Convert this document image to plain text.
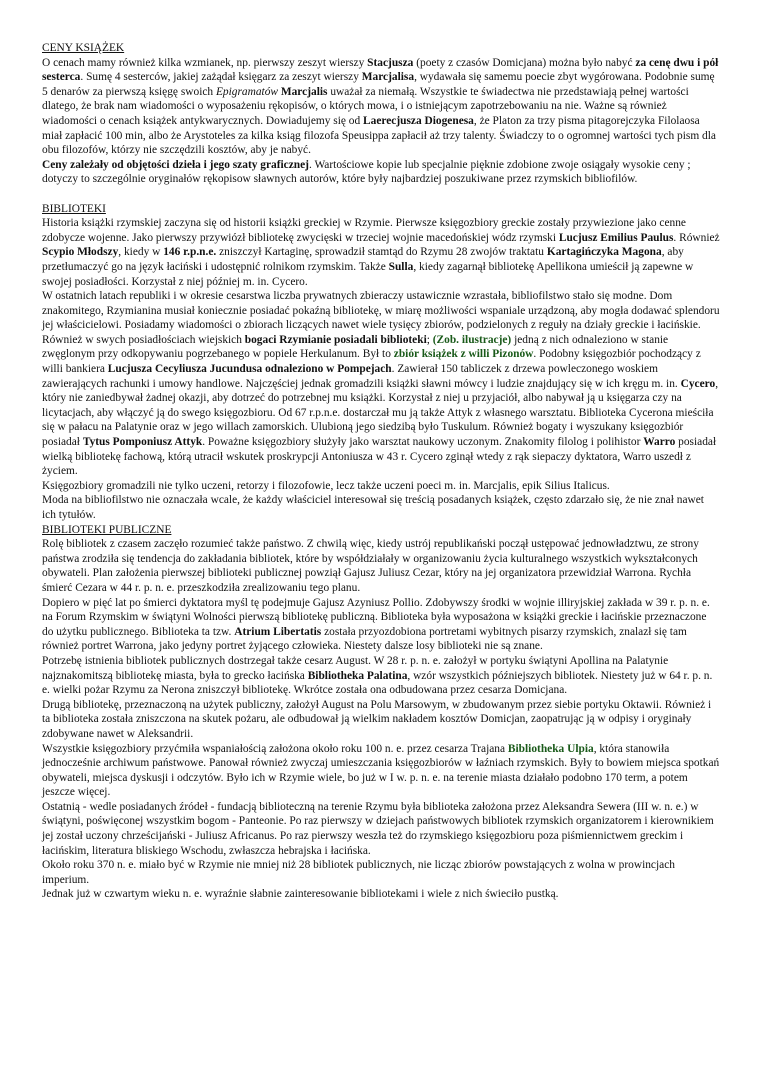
CENY KSIĄŻEK

O cenach mamy również kilka wzmianek, np. pierwszy zeszyt wierszy Stacjusza (poety z czasów Domicjana) można było nabyć za cenę dwu i pół sesterca. Sumę 4 sesterców, jakiej zażądał księgarz za zeszyt wierszy Marcjalisa, wydawała się samemu poecie zbyt wygórowana. Podobnie sumę 5 denarów za pierwszą księgę swoich Epigramatów Marcjalis uważał za niemałą. Wszystkie te świadectwa nie przedstawiają pełnej wartości dlatego, że brak nam wiadomości o wyposażeniu rękopisów, o których mowa, i o istniejącym zapotrzebowaniu na nie. Ważne są również wiadomości o cenach książek antykwarycznych. Dowiadujemy się od Laerecjusza Diogenesa, że Platon za trzy pisma pitagorejczyka Filolaosa miał zapłacić 100 min, albo że Arystoteles za kilka ksiąg filozofa Speusippa zapłacił aż trzy talenty. Świadczy to o ogromnej wartości tych pism dla obu filozofów, którzy nie szczędzili kosztów, aby je nabyć.

Ceny zależały od objętości dzieła i jego szaty graficznej. Wartościowe kopie lub specjalnie pięknie zdobione zwoje osiągały wysokie ceny ; dotyczy to szczególnie oryginałów rękopisow sławnych autorów, które były najbardziej poszukiwane przez rzymskich bibliofilów.

BIBLIOTEKI

Historia książki rzymskiej zaczyna się od historii książki greckiej w Rzymie. Pierwsze księgozbiory greckie zostały przywiezione jako cenne zdobycze wojenne. Jako pierwszy przywiózł bibliotekę zwycięski w trzeciej wojnie macedońskiej wódz rzymski Lucjusz Emilius Paulus. Również Scypio Młodszy, kiedy w 146 r.p.n.e. zniszczył Kartaginę, sprowadził stamtąd do Rzymu 28 zwojów traktatu Kartagińczyka Magona, aby przetłumaczyć go na język łaciński i udostępnić rolnikom rzymskim. Także Sulla, kiedy zagarnął bibliotekę Apellikona umieścił ją zapewne w swojej posiadłości. Korzystał z niej później m. in. Cycero.

W ostatnich latach republiki i w okresie cesarstwa liczba prywatnych zbieraczy ustawicznie wzrastała, bibliofilstwo stało się modne. Dom znakomitego, Rzymianina musiał koniecznie posiadać pokaźną bibliotekę, w miarę możliwości wspaniale urządzoną, aby mogła dodawać splendoru jej właścicielowi. Posiadamy wiadomości o zbiorach liczących nawet wiele tysięcy zbiorów, podzielonych z reguły na działy greckie i łacińskie.

Również w swych posiadłościach wiejskich bogaci Rzymianie posiadali biblioteki; (Zob. ilustracje) jedną z nich odnaleziono w stanie zwęglonym przy odkopywaniu pogrzebanego w popiele Herkulanum. Był to zbiór książek z willi Pizonów. Podobny księgozbiór pochodzący z willi bankiera Lucjusza Cecyliusza Jucundusa odnaleziono w Pompejach. Zawierał 150 tabliczek z drzewa powleczonego woskiem zawierających rachunki i umowy handlowe. Najczęściej jednak gromadzili książki sławni mówcy i ludzie znajdujący się w ich kręgu m. in. Cycero, który nie zaniedbywał żadnej okazji, aby dotrzeć do potrzebnej mu książki. Korzystał z niej u przyjaciół, albo nabywał ją u księgarza czy na licytacjach, aby włączyć ją do swego księgozbioru. Od 67 r.p.n.e. dostarczał mu ją także Attyk z własnego warsztatu. Biblioteka Cycerona mieściła się w pałacu na Palatynie oraz w jego willach zamorskich. Ulubioną jego siedzibą było Tuskulum. Również bogaty i wyszukany księgozbiór posiadał Tytus Pomponiusz Attyk. Poważne księgozbiory służyły jako warsztat naukowy uczonym. Znakomity filolog i polihistor Warro posiadał wielką bibliotekę fachową, którą utracił wskutek proskrypcji Antoniusza w 43 r. Cycero zginął wtedy z rąk siepaczy dyktatora, Warro uszedł z życiem.

Księgozbiory gromadzili nie tylko uczeni, retorzy i filozofowie, lecz także uczeni poeci m. in. Marcjalis, epik Silius Italicus.

Moda na bibliofilstwo nie oznaczała wcale, że każdy właściciel interesował się treścią posadanych książek, często zdarzało się, że nie znał nawet ich tytułów.

BIBLIOTEKI PUBLICZNE

Rolę bibliotek z czasem zaczęło rozumieć także państwo. Z chwilą więc, kiedy ustrój republikański począł ustępować jednowładztwu, ze strony państwa zrodziła się tendencja do zakładania bibliotek, które by współdziałały w organizowaniu życia kulturalnego wszystkich wykształconych obywateli. Plan założenia pierwszej biblioteki publicznej powziął Gajusz Juliusz Cezar, który na jej organizatora przewidział Warrona. Rychła śmierć Cezara w 44 r. p. n. e. przeszkodziła zrealizowaniu tego planu.

Dopiero w pięć lat po śmierci dyktatora myśl tę podejmuje Gajusz Azyniusz Pollio. Zdobywszy środki w wojnie illiryjskiej zakłada w 39 r. p. n. e. na Forum Rzymskim w świątyni Wolności pierwszą bibliotekę publiczną. Biblioteka była wyposażona w książki greckie i łacińskie przeznaczone do użytku publicznego. Biblioteka ta tzw. Atrium Libertatis została przyozdobiona portretami wybitnych pisarzy rzymskich, znalazł się tam również portret Warrona, jako jedyny portret żyjącego człowieka. Niestety dalsze losy biblioteki nie są znane.

Potrzebę istnienia bibliotek publicznych dostrzegał także cesarz August. W 28 r. p. n. e. założył w portyku świątyni Apollina na Palatynie najznakomitszą bibliotekę miasta, była to grecko łacińska Bibliotheka Palatina, wzór wszystkich późniejszych bibliotek. Niestety już w 64 r. p. n. e. wielki pożar Rzymu za Nerona zniszczył bibliotekę. Wkrótce została ona odbudowana przez cesarza Domicjana.

Drugą bibliotekę, przeznaczoną na użytek publiczny, założył August na Polu Marsowym, w zbudowanym przez siebie portyku Oktawii. Również i ta biblioteka została zniszczona na skutek pożaru, ale odbudował ją wielkim nakładem kosztów Domicjan, zaopatrując ją w odpisy i oryginały zdobywane nawet w Aleksandrii.

Wszystkie księgozbiory przyćmiła wspaniałością założona około roku 100 n. e. przez cesarza Trajana Bibliotheka Ulpia, która stanowiła jednocześnie archiwum państwowe. Panował również zwyczaj umieszczania księgozbiorów w łaźniach rzymskich. Były to bowiem miejsca spotkań obywateli, miejsca dyskusji i odczytów. Było ich w Rzymie wiele, bo już w I w. p. n. e. na terenie miasta działało podobno 170 term, a potem jeszcze więcej.

Ostatnią - wedle posiadanych źródeł - fundacją biblioteczną na terenie Rzymu była biblioteka założona przez Aleksandra Sewera (III w. n. e.) w świątyni, poświęconej wszystkim bogom - Panteonie. Po raz pierwszy w dziejach państwowych bibliotek rzymskich organizatorem i kierownikiem jej został uczony chrześcijański - Juliusz Africanus. Po raz pierwszy weszła też do rzymskiego księgozbioru poza piśmiennictwem greckim i łacińskim, literatura bliskiego Wschodu, zwłaszcza hebrajska i łacińska.

Około roku 370 n. e. miało być w Rzymie nie mniej niż 28 bibliotek publicznych, nie licząc zbiorów powstających z wolna w prowincjach imperium.

Jednak już w czwartym wieku n. e. wyraźnie słabnie zainteresowanie bibliotekami i wiele z nich świeciło pustką.
